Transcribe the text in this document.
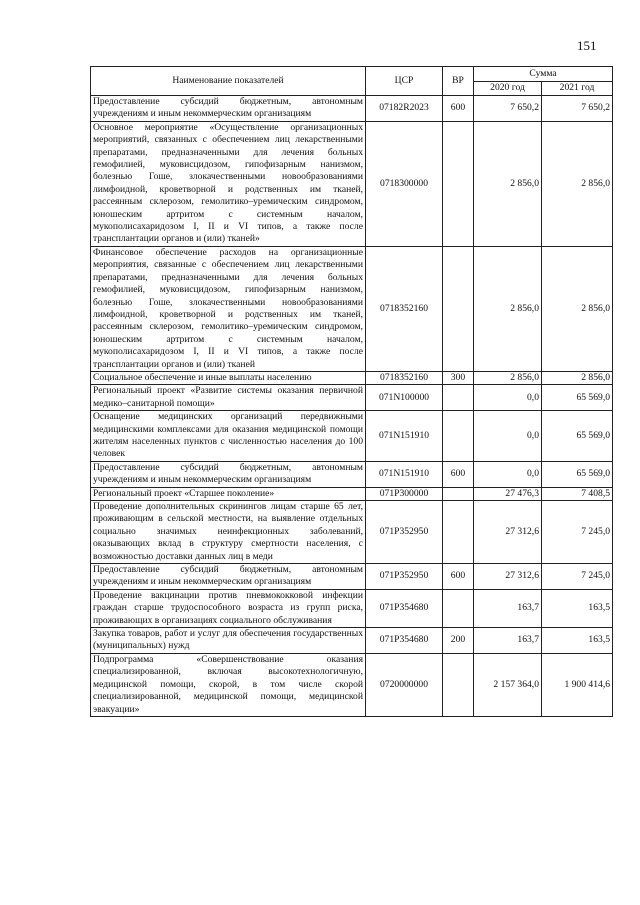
151
Наименование показателей	ЦСР	ВР	Сумма	
			2020 год	2021 год
Предоставление субсидий бюджетным, автономным учреждениям и иным некоммерческим организациям	07182R2023	600	7 650,2	7 650,2
Основное мероприятие «Осуществление организационных мероприятий, связанных с обеспечением лиц лекарственными препаратами, предназначенными для лечения больных гемофилией, муковисцидозом, гипофизарным нанизмом, болезнью Гоше, злокачественными новообразованиями лимфоидной, кроветворной и родственных им тканей, рассеянным склерозом, гемолитико–уремическим синдромом, юношеским артритом с системным началом, мукополисахаридозом I, II и VI типов, а также после трансплантации органов и (или) тканей»	0718300000		2 856,0	2 856,0
Финансовое обеспечение расходов на организационные мероприятия, связанные с обеспечением лиц лекарственными препаратами, предназначенными для лечения больных гемофилией, муковисцидозом, гипофизарным нанизмом, болезнью Гоше, злокачественными новообразованиями лимфоидной, кроветворной и родственных им тканей, рассеянным склерозом, гемолитико–уремическим синдромом, юношеским артритом с системным началом, мукополисахаридозом I, II и VI типов, а также после трансплантации органов и (или) тканей	0718352160		2 856,0	2 856,0
Социальное обеспечение и иные выплаты населению	0718352160	300	2 856,0	2 856,0
Региональный проект «Развитие системы оказания первичной медико–санитарной помощи»	071N100000		0,0	65 569,0
Оснащение медицинских организаций передвижными медицинскими комплексами для оказания медицинской помощи жителям населенных пунктов с численностью населения до 100 человек	071N151910		0,0	65 569,0
Предоставление субсидий бюджетным, автономным учреждениям и иным некоммерческим организациям	071N151910	600	0,0	65 569,0
Региональный проект «Старшее поколение»	071P300000		27 476,3	7 408,5
Проведение дополнительных скринингов лицам старше 65 лет, проживающим в сельской местности, на выявление отдельных социально значимых неинфекционных заболеваний, оказывающих вклад в структуру смертности населения, с возможностью доставки данных лиц в меди	071P352950		27 312,6	7 245,0
Предоставление субсидий бюджетным, автономным учреждениям и иным некоммерческим организациям	071P352950	600	27 312,6	7 245,0
Проведение вакцинации против пневмококковой инфекции граждан старше трудоспособного возраста из групп риска, проживающих в организациях социального обслуживания	071P354680		163,7	163,5
Закупка товаров, работ и услуг для обеспечения государственных (муниципальных) нужд	071P354680	200	163,7	163,5
Подпрограмма «Совершенствование оказания специализированной, включая высокотехнологичную, медицинской помощи, скорой, в том числе скорой специализированной, медицинской помощи, медицинской эвакуации»	0720000000		2 157 364,0	1 900 414,6
